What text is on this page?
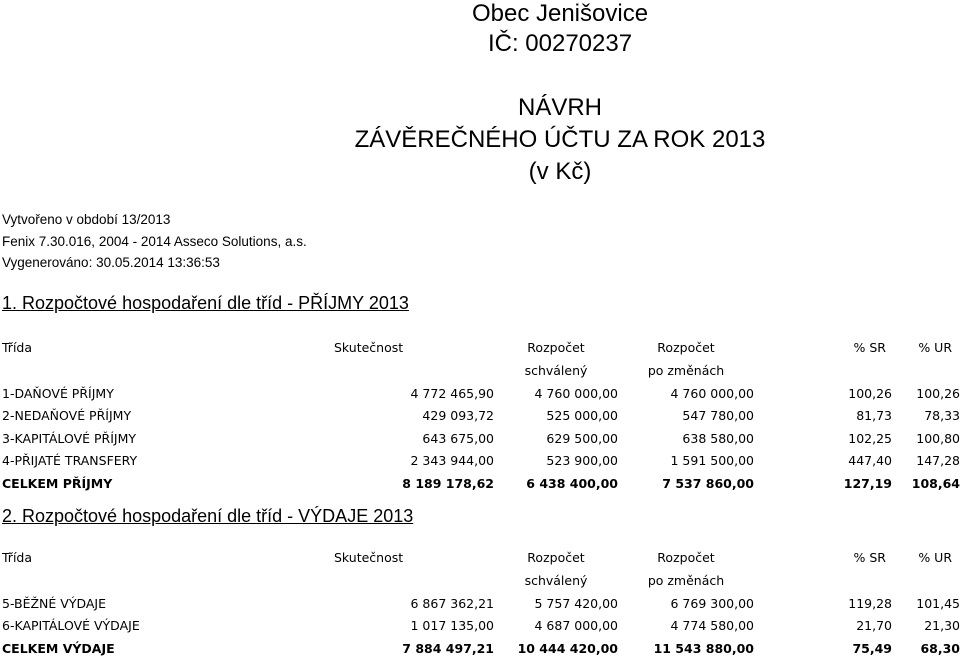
Obec Jenišovice
IČ: 00270237
NÁVRH
ZÁVĚREČNÉHO ÚČTU ZA ROK 2013
(v Kč)
Vytvořeno v období 13/2013
Fenix 7.30.016, 2004 - 2014 Asseco Solutions, a.s.
Vygenerováno: 30.05.2014 13:36:53
1. Rozpočtové hospodaření dle tříd - PŘÍJMY 2013
Třída	Skutečnost	Rozpočet	Rozpočet	% SR	% UR
		schválený	po změnách		
1-DAŇOVÉ PŘÍJMY	4 772 465,90	4 760 000,00	4 760 000,00	100,26	100,26
2-NEDAŇOVÉ PŘÍJMY	429 093,72	525 000,00	547 780,00	81,73	78,33
3-KAPITÁLOVÉ PŘÍJMY	643 675,00	629 500,00	638 580,00	102,25	100,80
4-PŘIJATÉ TRANSFERY	2 343 944,00	523 900,00	1 591 500,00	447,40	147,28
CELKEM PŘÍJMY	8 189 178,62	6 438 400,00	7 537 860,00	127,19	108,64
2. Rozpočtové hospodaření dle tříd - VÝDAJE 2013
Třída	Skutečnost	Rozpočet	Rozpočet	% SR	% UR
		schválený	po změnách		
5-BĚŽNÉ VÝDAJE	6 867 362,21	5 757 420,00	6 769 300,00	119,28	101,45
6-KAPITÁLOVÉ VÝDAJE	1 017 135,00	4 687 000,00	4 774 580,00	21,70	21,30
CELKEM VÝDAJE	7 884 497,21	10 444 420,00	11 543 880,00	75,49	68,30
